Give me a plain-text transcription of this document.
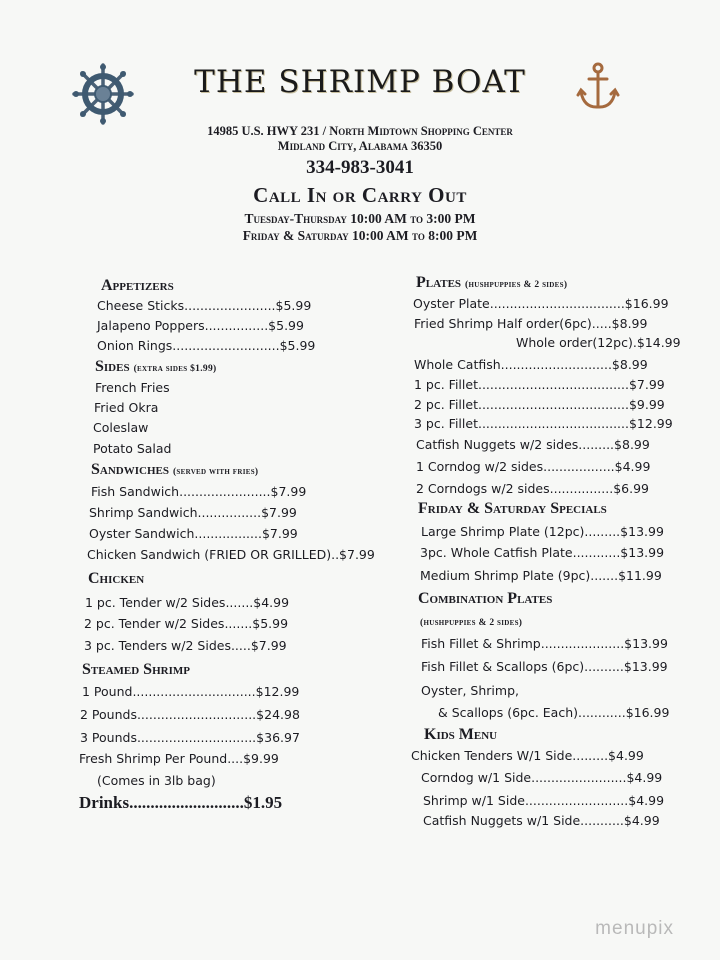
THE SHRIMP BOAT
14985 U.S. HWY 231 / North Midtown Shopping Center
Midland City, Alabama 36350
334-983-3041
Call In or Carry Out
Tuesday-Thursday 10:00 AM to 3:00 PM
Friday & Saturday 10:00 AM to 8:00 PM
Appetizers
Cheese Sticks.......................$5.99
Jalapeno Poppers................$5.99
Onion Rings...........................$5.99
Sides (extra sides $1.99)
French Fries
Fried Okra
Coleslaw
Potato Salad
Sandwiches (served with fries)
Fish Sandwich.......................$7.99
Shrimp Sandwich................$7.99
Oyster Sandwich.................$7.99
Chicken Sandwich (FRIED OR GRILLED)..$7.99
Chicken
1 pc. Tender w/2 Sides.......$4.99
2 pc. Tender w/2 Sides.......$5.99
3 pc. Tenders w/2 Sides.....$7.99
Steamed Shrimp
1 Pound...............................$12.99
2 Pounds..............................$24.98
3 Pounds..............................$36.97
Fresh Shrimp Per Pound....$9.99
(Comes in 3lb bag)
Drinks...........................$1.95
Plates (hushpuppies & 2 sides)
Oyster Plate..................................$16.99
Fried Shrimp Half order(6pc).....$8.99
Whole order(12pc).$14.99
Whole Catfish............................$8.99
1 pc. Fillet......................................$7.99
2 pc. Fillet......................................$9.99
3 pc. Fillet......................................$12.99
Catfish Nuggets w/2 sides.........$8.99
1 Corndog w/2 sides..................$4.99
2 Corndogs w/2 sides................$6.99
Friday & Saturday Specials
Large Shrimp Plate (12pc).........$13.99
3pc. Whole Catfish Plate............$13.99
Medium Shrimp Plate (9pc).......$11.99
Combination Plates
(hushpuppies & 2 sides)
Fish Fillet & Shrimp.....................$13.99
Fish Fillet & Scallops (6pc)..........$13.99
Oyster, Shrimp,
& Scallops (6pc. Each)............$16.99
Kids Menu
Chicken Tenders W/1 Side.........$4.99
Corndog w/1 Side........................$4.99
Shrimp w/1 Side..........................$4.99
Catfish Nuggets w/1 Side...........$4.99
menupix
